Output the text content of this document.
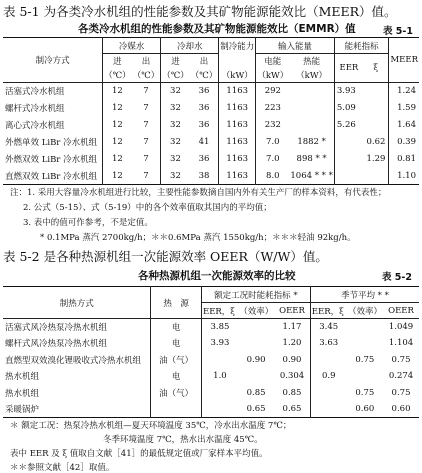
表 5-1 为各类冷水机组的性能参数及其矿物能源能效比（MEER）值。
各类冷水机组的性能参数及其矿物能源能效比（EMMR）值	表 5-1
制冷方式	冷媒水		冷却水		制冷能力	输入能量		能耗指标		MEER
	进	出	进	出		电能	热能	EER	ξ	
	（℃）	（℃）	（℃）	（℃）	（kW）	（kW）	（kW）			
活塞式冷水机组	12	7	32	36	1163	292		3.93		1.24
螺杆式冷水机组	12	7	32	36	1163	223		5.09		1.59
离心式冷水机组	12	7	32	36	1163	232		5.26		1.64
外燃单效 LiBr 冷水机组	12	7	32	41	1163	7.0	1882 *		0.62	0.39
外燃双效 LiBr 冷水机组	12	7	32	36	1163	7.0	898 * *		1.29	0.81
直燃双效 LiBr 冷水机组	12	7	32	38	1163	8.0	1064 * * *			1.10
注：1. 采用大容量冷水机组进行比较，主要性能参数摘自国内外有关生产厂的样本资料，有代表性；
2. 公式（5-15）、式（5-19）中的各个效率值取其国内的平均值；
3. 表中的值可作参考，不是定值。
* 0.1MPa 蒸汽 2700kg/h；＊＊0.6MPa 蒸汽 1550kg/h；＊＊＊轻油 92kg/h。
表 5-2 是各种热源机组一次能源效率 OEER（W/W）值。
各种热源机组一次能源效率的比较	表 5-2
制热方式	热　源	额定工况时能耗指标 *			季节平均 * *		
		EER，ξ　（效率）		OEER	EER，ξ　（效率）		OEER
活塞式风冷热泵冷热水机组	电	3.85		1.17	3.45		1.049
螺杆式风冷热泵冷热水机组	电	3.93		1.20	3.63		1.104
直燃型双效溴化锂吸收式冷热水机组	油（气）		0.90	0.90		0.75	0.75
热水机组	电	1.0		0.304	0.9		0.274
热水机组	油（气）		0.85	0.85		0.75	0.75
采暖锅炉			0.65	0.65		0.60	0.60
＊ 额定工况：热泵冷热水机组—夏天环境温度 35℃，冷水出水温度 7℃；
冬季环境温度 7℃，热水出水温度 45℃。
表中 EER 及 ξ 值取自文献［41］的最低规定值或厂家样本平均值。
＊＊参照文献［42］取值。
